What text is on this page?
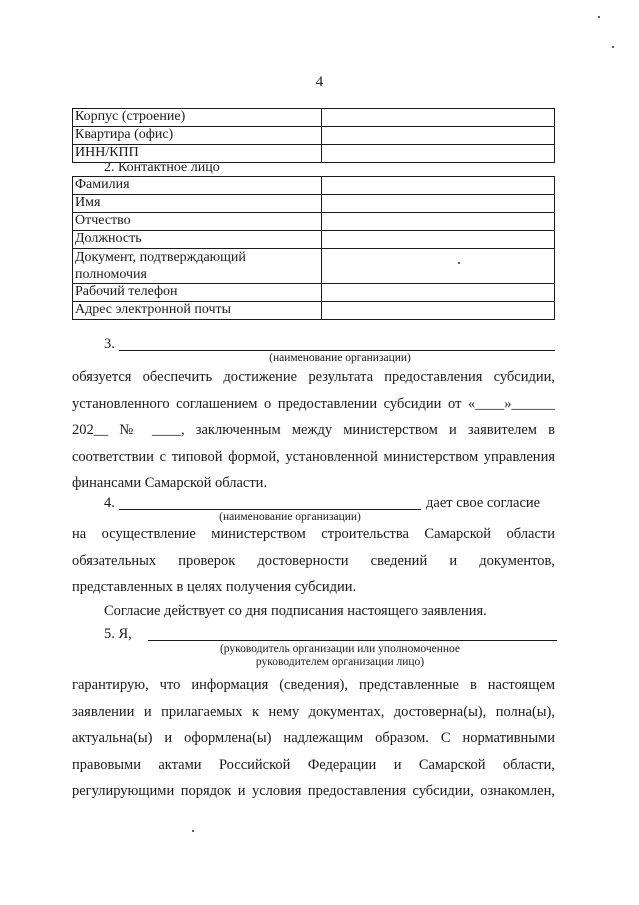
4
Корпус (строение)	
Квартира (офис)	
ИНН/КПП	
2. Контактное лицо
Фамилия	
Имя	
Отчество	
Должность	
Документ, подтверждающий полномочия	
Рабочий телефон	
Адрес электронной почты	
3.
(наименование организации)
обязуется обеспечить достижение результата предоставления субсидии,
установленного соглашением о предоставлении субсидии от «____»______
202__ № ____, заключенным между министерством и заявителем в
соответствии с типовой формой, установленной министерством управления
финансами Самарской области.
4.	дает свое согласие
(наименование организации)
на осуществление министерством строительства Самарской области
обязательных проверок достоверности сведений и документов,
представленных в целях получения субсидии.
Согласие действует со дня подписания настоящего заявления.
5. Я,
(руководитель организации или уполномоченное
руководителем организации лицо)
гарантирую, что информация (сведения), представленные в настоящем
заявлении и прилагаемых к нему документах, достоверна(ы), полна(ы),
актуальна(ы) и оформлена(ы) надлежащим образом. С нормативными
правовыми актами Российской Федерации и Самарской области,
регулирующими порядок и условия предоставления субсидии, ознакомлен,
